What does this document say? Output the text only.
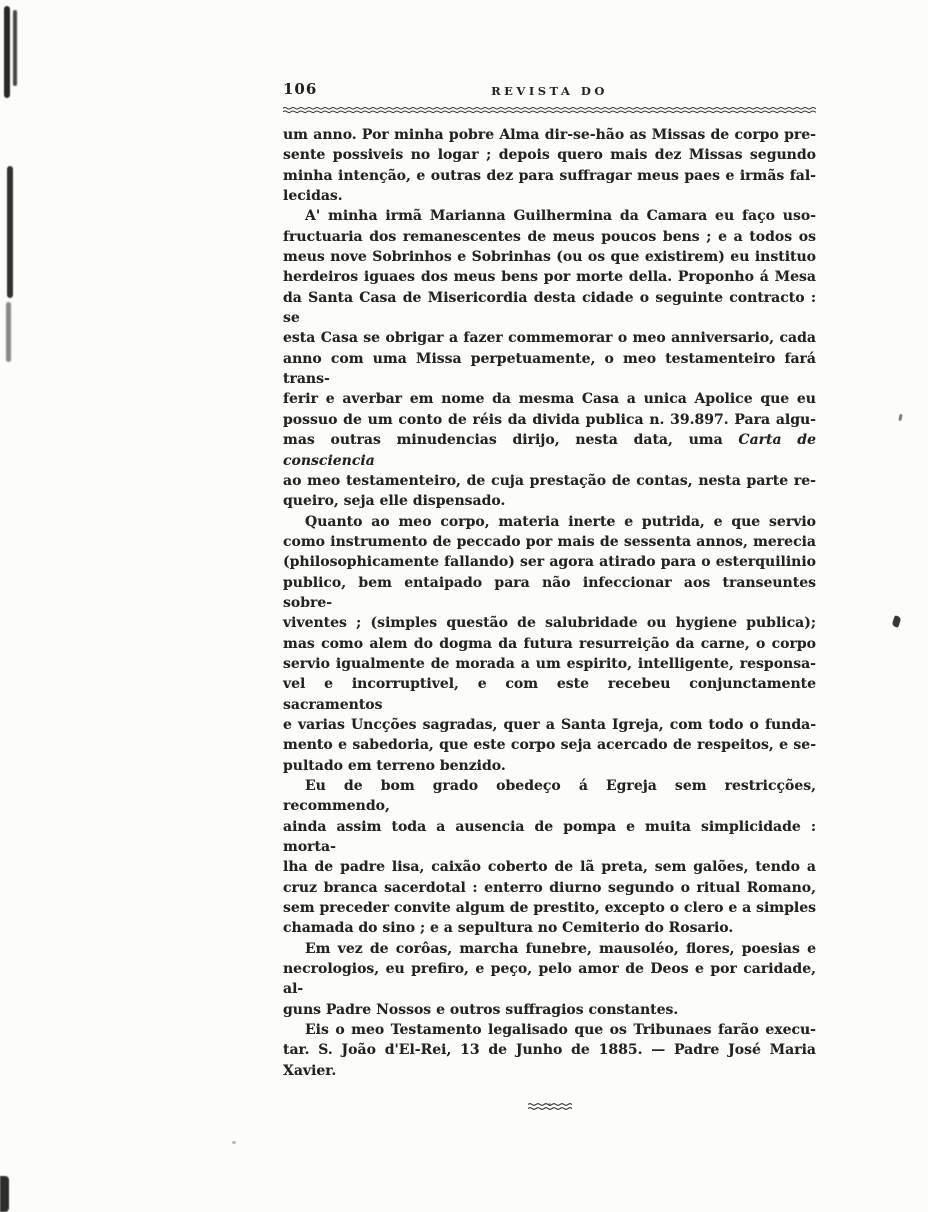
106	REVISTA DO

um anno. Por minha pobre Alma dir-se-hão as Missas de corpo pre-
sente possiveis no logar ; depois quero mais dez Missas segundo
minha intenção, e outras dez para suffragar meus paes e irmãs fal-
lecidas.

A' minha irmã Marianna Guilhermina da Camara eu faço uso-
fructuaria dos remanescentes de meus poucos bens ; e a todos os
meus nove Sobrinhos e Sobrinhas (ou os que existirem) eu instituo
herdeiros iguaes dos meus bens por morte della. Proponho á Mesa
da Santa Casa de Misericordia desta cidade o seguinte contracto : se
esta Casa se obrigar a fazer commemorar o meo anniversario, cada
anno com uma Missa perpetuamente, o meo testamenteiro fará trans-
ferir e averbar em nome da mesma Casa a unica Apolice que eu
possuo de um conto de réis da divida publica n. 39.897. Para algu-
mas outras minudencias dirijo, nesta data, uma Carta de consciencia
ao meo testamenteiro, de cuja prestação de contas, nesta parte re-
queiro, seja elle dispensado.

Quanto ao meo corpo, materia inerte e putrida, e que servio
como instrumento de peccado por mais de sessenta annos, merecia
(philosophicamente fallando) ser agora atirado para o esterquilinio
publico, bem entaipado para não infeccionar aos transeuntes sobre-
viventes ; (simples questão de salubridade ou hygiene publica);
mas como alem do dogma da futura resurreição da carne, o corpo
servio igualmente de morada a um espirito, intelligente, responsa-
vel e incorruptivel, e com este recebeu conjunctamente sacramentos
e varias Uncções sagradas, quer a Santa Igreja, com todo o funda-
mento e sabedoria, que este corpo seja acercado de respeitos, e se-
pultado em terreno benzido.

Eu de bom grado obedeço á Egreja sem restricções, recommendo,
ainda assim toda a ausencia de pompa e muita simplicidade : morta-
lha de padre lisa, caixão coberto de lã preta, sem galões, tendo a
cruz branca sacerdotal : enterro diurno segundo o ritual Romano,
sem preceder convite algum de prestito, excepto o clero e a simples
chamada do sino ; e a sepultura no Cemiterio do Rosario.

Em vez de corôas, marcha funebre, mausoléo, flores, poesias e
necrologios, eu prefiro, e peço, pelo amor de Deos e por caridade, al-
guns Padre Nossos e outros suffragios constantes.

Eis o meo Testamento legalisado que os Tribunaes farão execu-
tar. S. João d'El-Rei, 13 de Junho de 1885. — Padre José Maria
Xavier.
